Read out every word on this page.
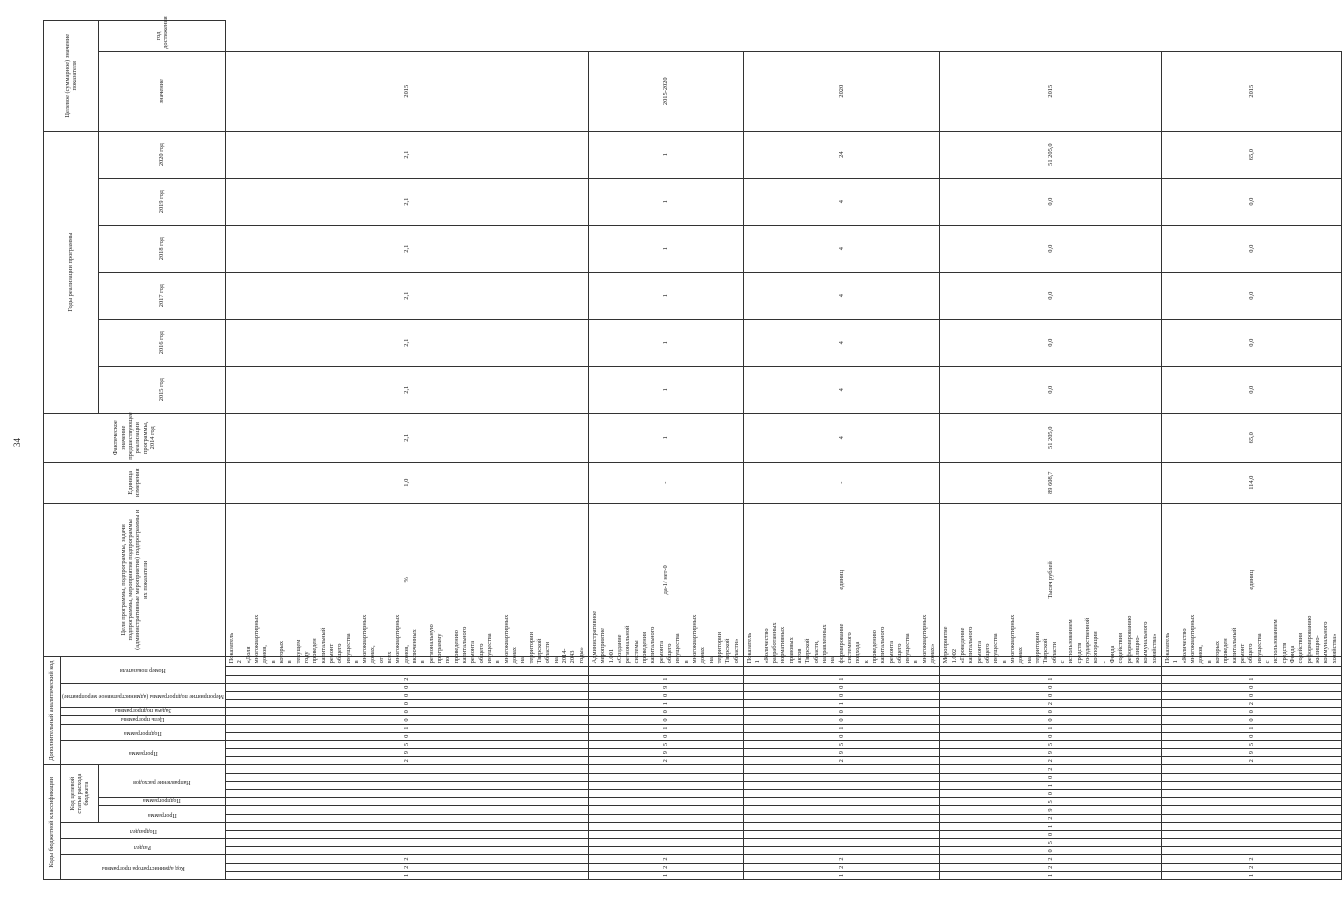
34
Коды бюджетной классификации														Дополнительный аналитический код													Цели программы, подпрограммы, задачи подпрограммы, мероприятия подпрограммы (административные мероприятия) подпрограммы и их показатели	Единица измерения	Фактическое значение предшествующее реализации программы, 2014 год	Годы реализации программы						Целевое (суммарное) значение показателя	

Код администратора программы			Раздел		Подраздел		Код целевой статьи расхода бюджета							Программа			Подпрограмма		Цель программы	Задача подпрограммы	Мероприятие подпрограммы (административное мероприятие)			Номер показателя													

							Программа		Подпрограмма	Направление расходов																				2015 год	2016 год	2017 год	2018 год	2019 год	2020 год	значение	год достижения
1	2	2												2	9	5	0	1	0	0	0	0	0	2		Показатель 2 «Доля многоквартирных домов, в которых в текущем году проведен капитальный ремонт общего имущества в многоквартирных домах, от всех многоквартирных домов, включенных в региональную программу по проведению капитального ремонта общего имущества в многоквартирных домах на территории Тверской области на 2014-2043 годы»	%	1,0	2,1	2,1	2,1	2,1	2,1	2,1	2,1	2015	
1	2	2												2	9	5	0	1	0	0	1	0	9	1		Административное мероприятие 1.001 «Создание региональной системы проведения капитального ремонта общего имущества в многоквартирных домах на территории Тверской области»	да-1/ нет-0	-	1	1	1	1	1	1	1	2015-2020	
1	2	2												2	9	5	0	1	0	0	1	0	0	1		Показатель 1 «Количество разработанных нормативных правовых актов Тверской области, направленных на формирование системного подхода к проведению капитального ремонта общего имущества в многоквартирных домах»	единиц	-	4	4	4	4	4	4	24	2020	
1	2	2	0	5	0	1	2	9	5	0	1	0	2	2	9	5	0	1	0	0	2	0	0	1		Мероприятие 1.002 «Проведение капитального ремонта общего имущества в многоквартирных домах на территории Тверской области с использованием средств государственной корпорации - Фонда содействия реформированию жилищно-коммунального хозяйства»	Тысяч рублей	89 608,7	51 205,0	0,0	0,0	0,0	0,0	0,0	51 205,0	2015	
1	2	2												2	9	5	0	1	0	0	2	0	0	1		Показатель 1 «Количество многоквартирных домов, в которых проведен капитальный ремонт общего имущества с использованием средств Фонда содействия реформированию жилищно-коммунального хозяйства»	единиц	114,0	65,0	0,0	0,0	0,0	0,0	0,0	65,0	2015	
